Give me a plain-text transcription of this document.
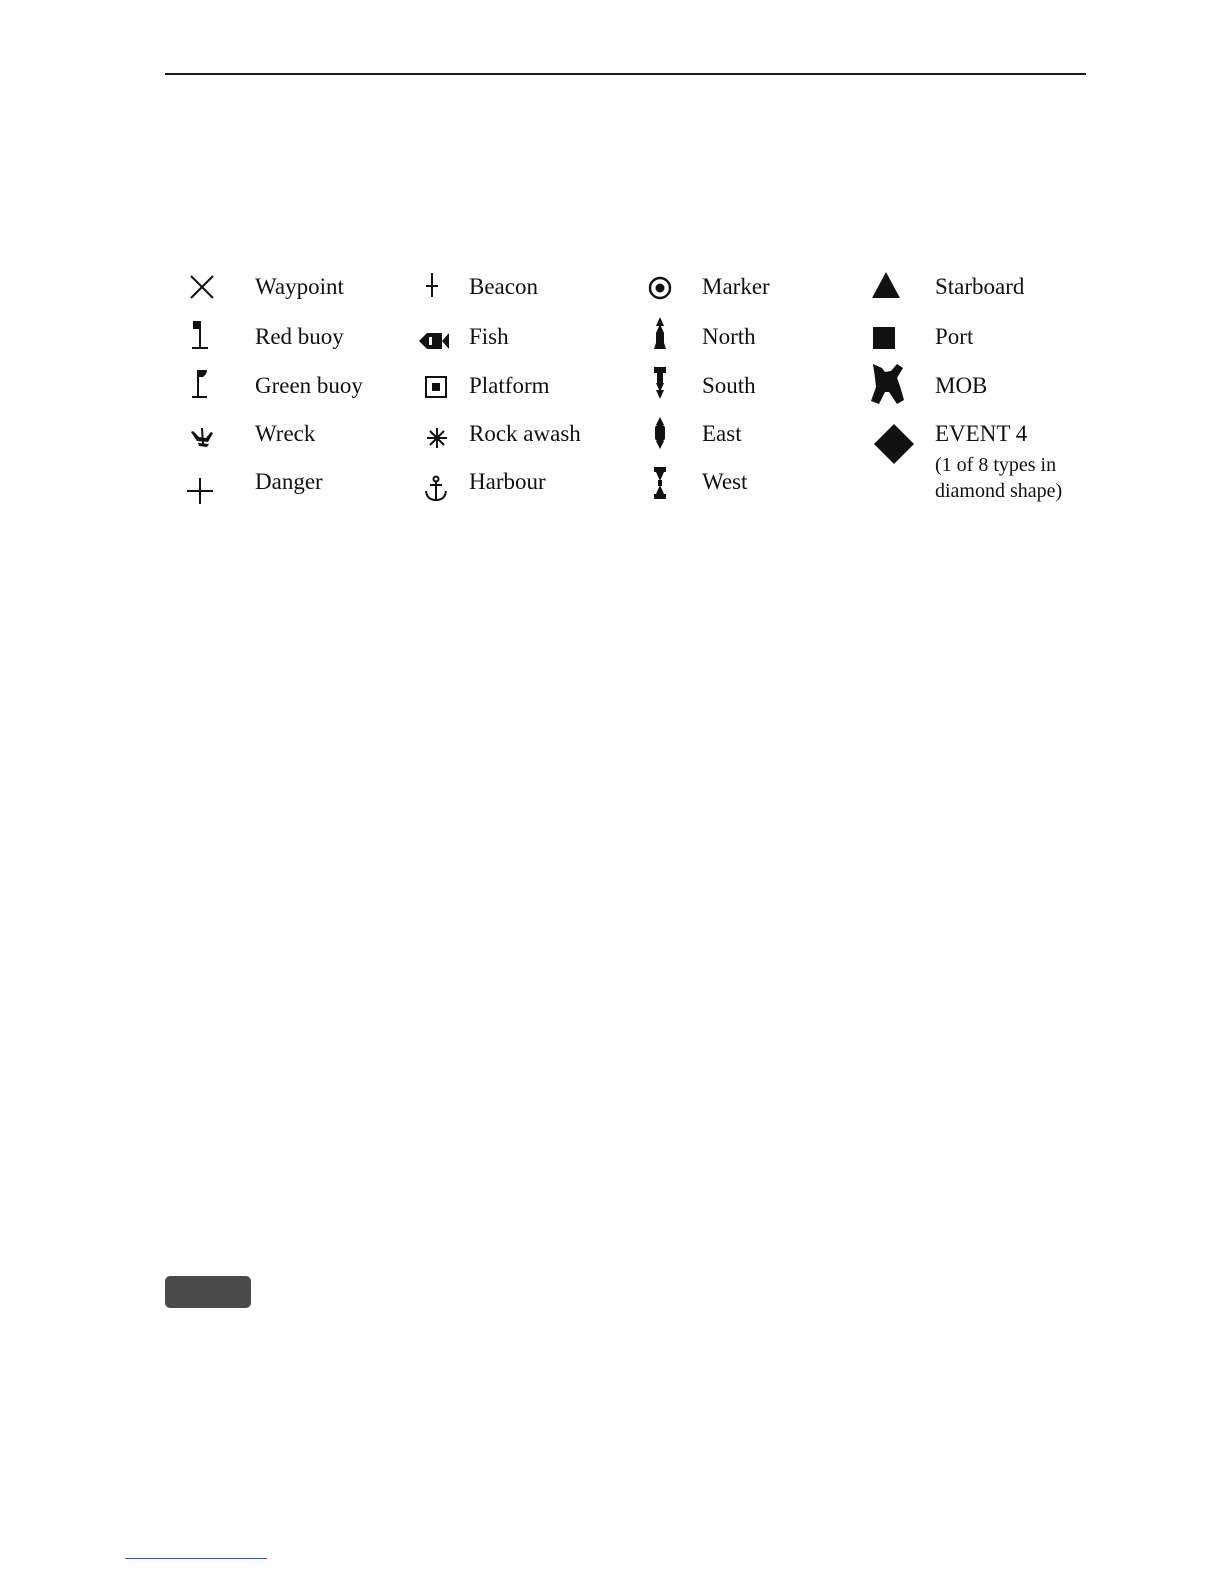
Waypoint	Beacon	Marker	Starboard
Red buoy	Fish	North	Port
Green buoy	Platform	South	MOB
Wreck	Rock awash	East	EVENT 4
(1 of 8 types in
diamond shape)
Danger	Harbour	West
